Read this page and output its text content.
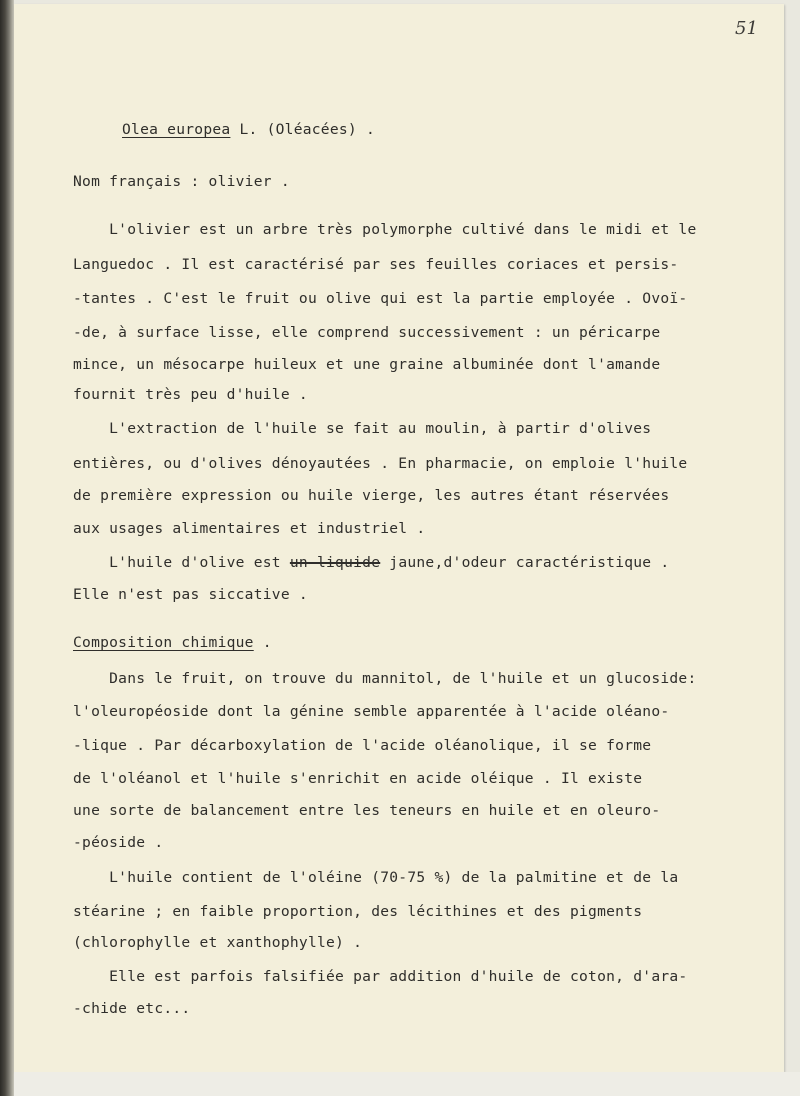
51
Olea europea L. (Oléacées) .
Nom français : olivier .
L'olivier est un arbre très polymorphe cultivé dans le midi et le
Languedoc . Il est caractérisé par ses feuilles coriaces et persis-
-tantes . C'est le fruit ou olive qui est la partie employée . Ovoï-
-de, à surface lisse, elle comprend successivement : un péricarpe
mince, un mésocarpe huileux et une graine albuminée dont l'amande
fournit très peu d'huile .
L'extraction de l'huile se fait au moulin, à partir d'olives
entières, ou d'olives dénoyautées . En pharmacie, on emploie l'huile
de première expression ou huile vierge, les autres étant réservées
aux usages alimentaires et industriel .
L'huile d'olive est un liquide jaune,d'odeur caractéristique .
Elle n'est pas siccative .
Composition chimique .
Dans le fruit, on trouve du mannitol, de l'huile et un glucoside:
l'oleuropéoside dont la génine semble apparentée à l'acide oléano-
-lique . Par décarboxylation de l'acide oléanolique, il se forme
de l'oléanol et l'huile s'enrichit en acide oléique . Il existe
une sorte de balancement entre les teneurs en huile et en oleuro-
-péoside .
L'huile contient de l'oléine (70-75 %) de la palmitine et de la
stéarine ; en faible proportion, des lécithines et des pigments
(chlorophylle et xanthophylle) .
Elle est parfois falsifiée par addition d'huile de coton, d'ara-
-chide etc...
